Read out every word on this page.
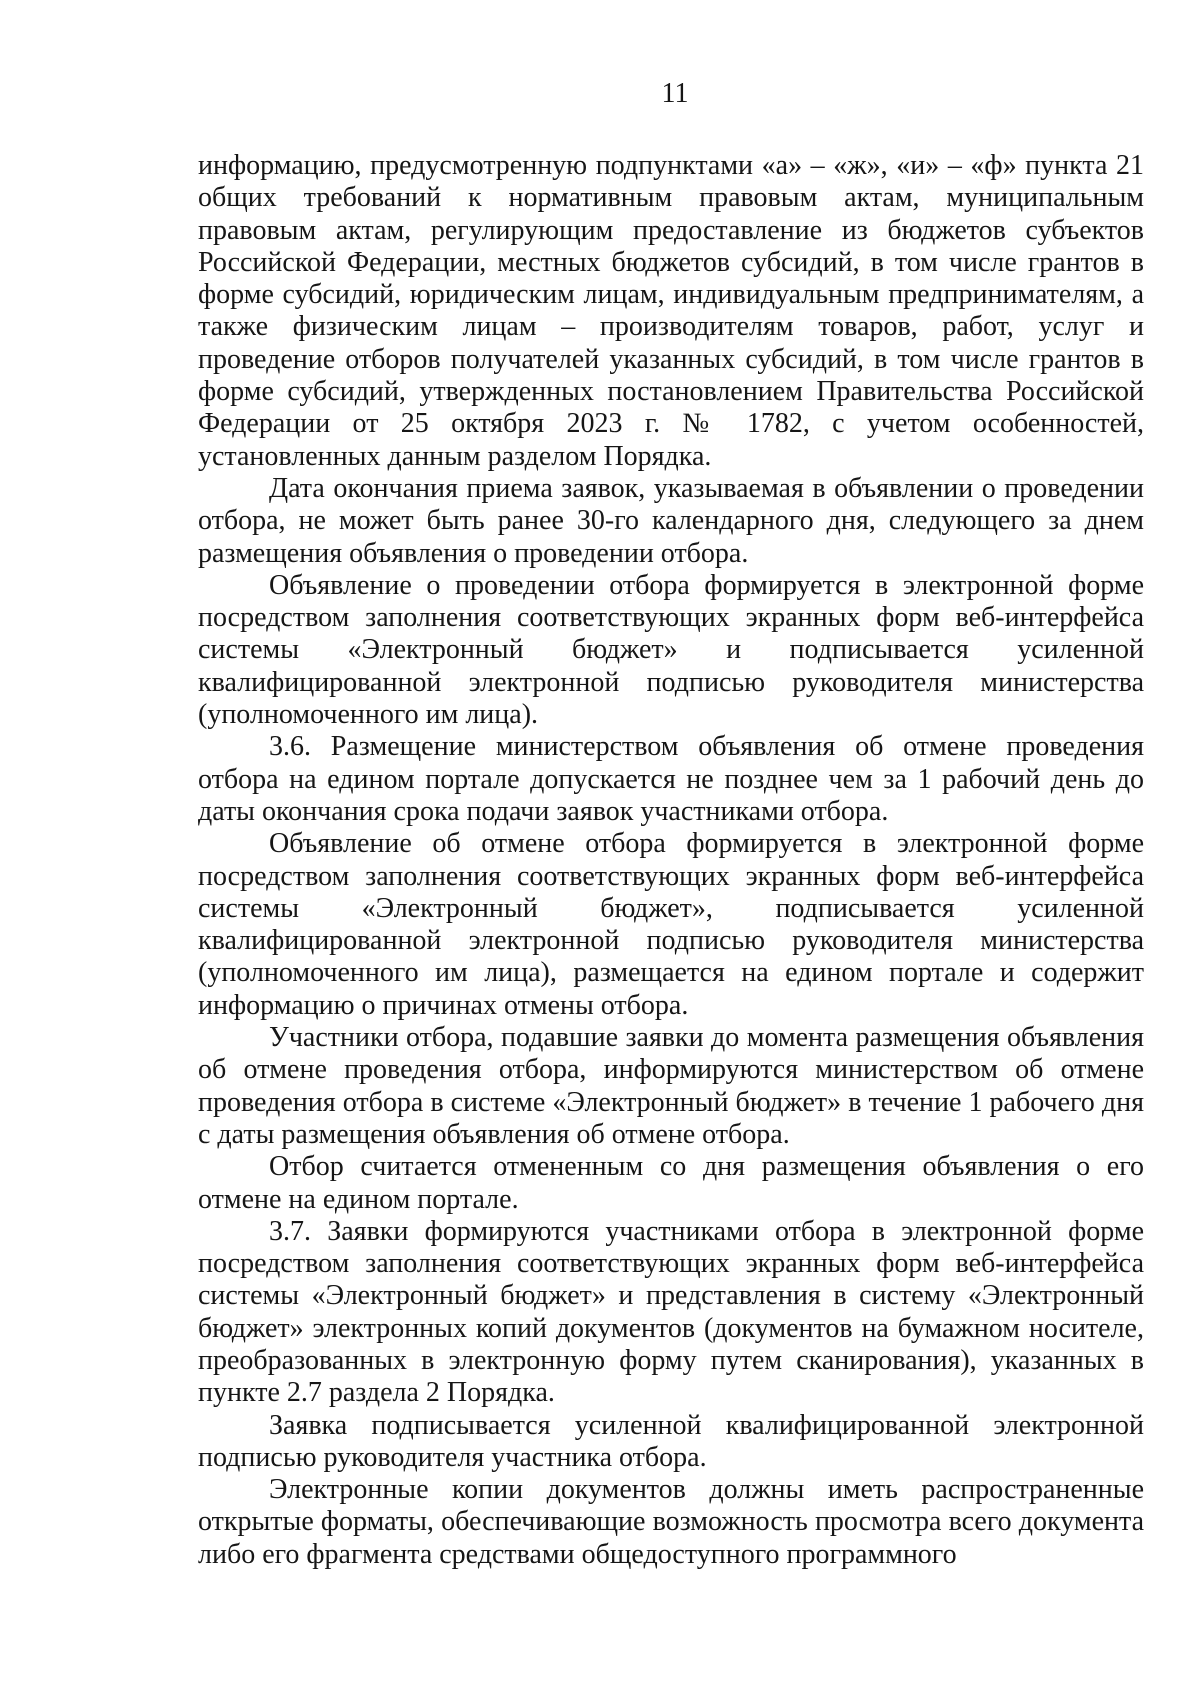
11

информацию, предусмотренную подпунктами «а» – «ж», «и» – «ф» пункта 21 общих требований к нормативным правовым актам, муниципальным правовым актам, регулирующим предоставление из бюджетов субъектов Российской Федерации, местных бюджетов субсидий, в том числе грантов в форме субсидий, юридическим лицам, индивидуальным предпринимателям, а также физическим лицам – производителям товаров, работ, услуг и проведение отборов получателей указанных субсидий, в том числе грантов в форме субсидий, утвержденных постановлением Правительства Российской Федерации от 25 октября 2023 г. № 1782, с учетом особенностей, установленных данным разделом Порядка.

Дата окончания приема заявок, указываемая в объявлении о проведении отбора, не может быть ранее 30-го календарного дня, следующего за днем размещения объявления о проведении отбора.

Объявление о проведении отбора формируется в электронной форме посредством заполнения соответствующих экранных форм веб-интерфейса системы «Электронный бюджет» и подписывается усиленной квалифицированной электронной подписью руководителя министерства (уполномоченного им лица).

3.6. Размещение министерством объявления об отмене проведения отбора на едином портале допускается не позднее чем за 1 рабочий день до даты окончания срока подачи заявок участниками отбора.

Объявление об отмене отбора формируется в электронной форме посредством заполнения соответствующих экранных форм веб-интерфейса системы «Электронный бюджет», подписывается усиленной квалифицированной электронной подписью руководителя министерства (уполномоченного им лица), размещается на едином портале и содержит информацию о причинах отмены отбора.

Участники отбора, подавшие заявки до момента размещения объявления об отмене проведения отбора, информируются министерством об отмене проведения отбора в системе «Электронный бюджет» в течение 1 рабочего дня с даты размещения объявления об отмене отбора.

Отбор считается отмененным со дня размещения объявления о его отмене на едином портале.

3.7. Заявки формируются участниками отбора в электронной форме посредством заполнения соответствующих экранных форм веб-интерфейса системы «Электронный бюджет» и представления в систему «Электронный бюджет» электронных копий документов (документов на бумажном носителе, преобразованных в электронную форму путем сканирования), указанных в пункте 2.7 раздела 2 Порядка.

Заявка подписывается усиленной квалифицированной электронной подписью руководителя участника отбора.

Электронные копии документов должны иметь распространенные открытые форматы, обеспечивающие возможность просмотра всего документа либо его фрагмента средствами общедоступного программного
